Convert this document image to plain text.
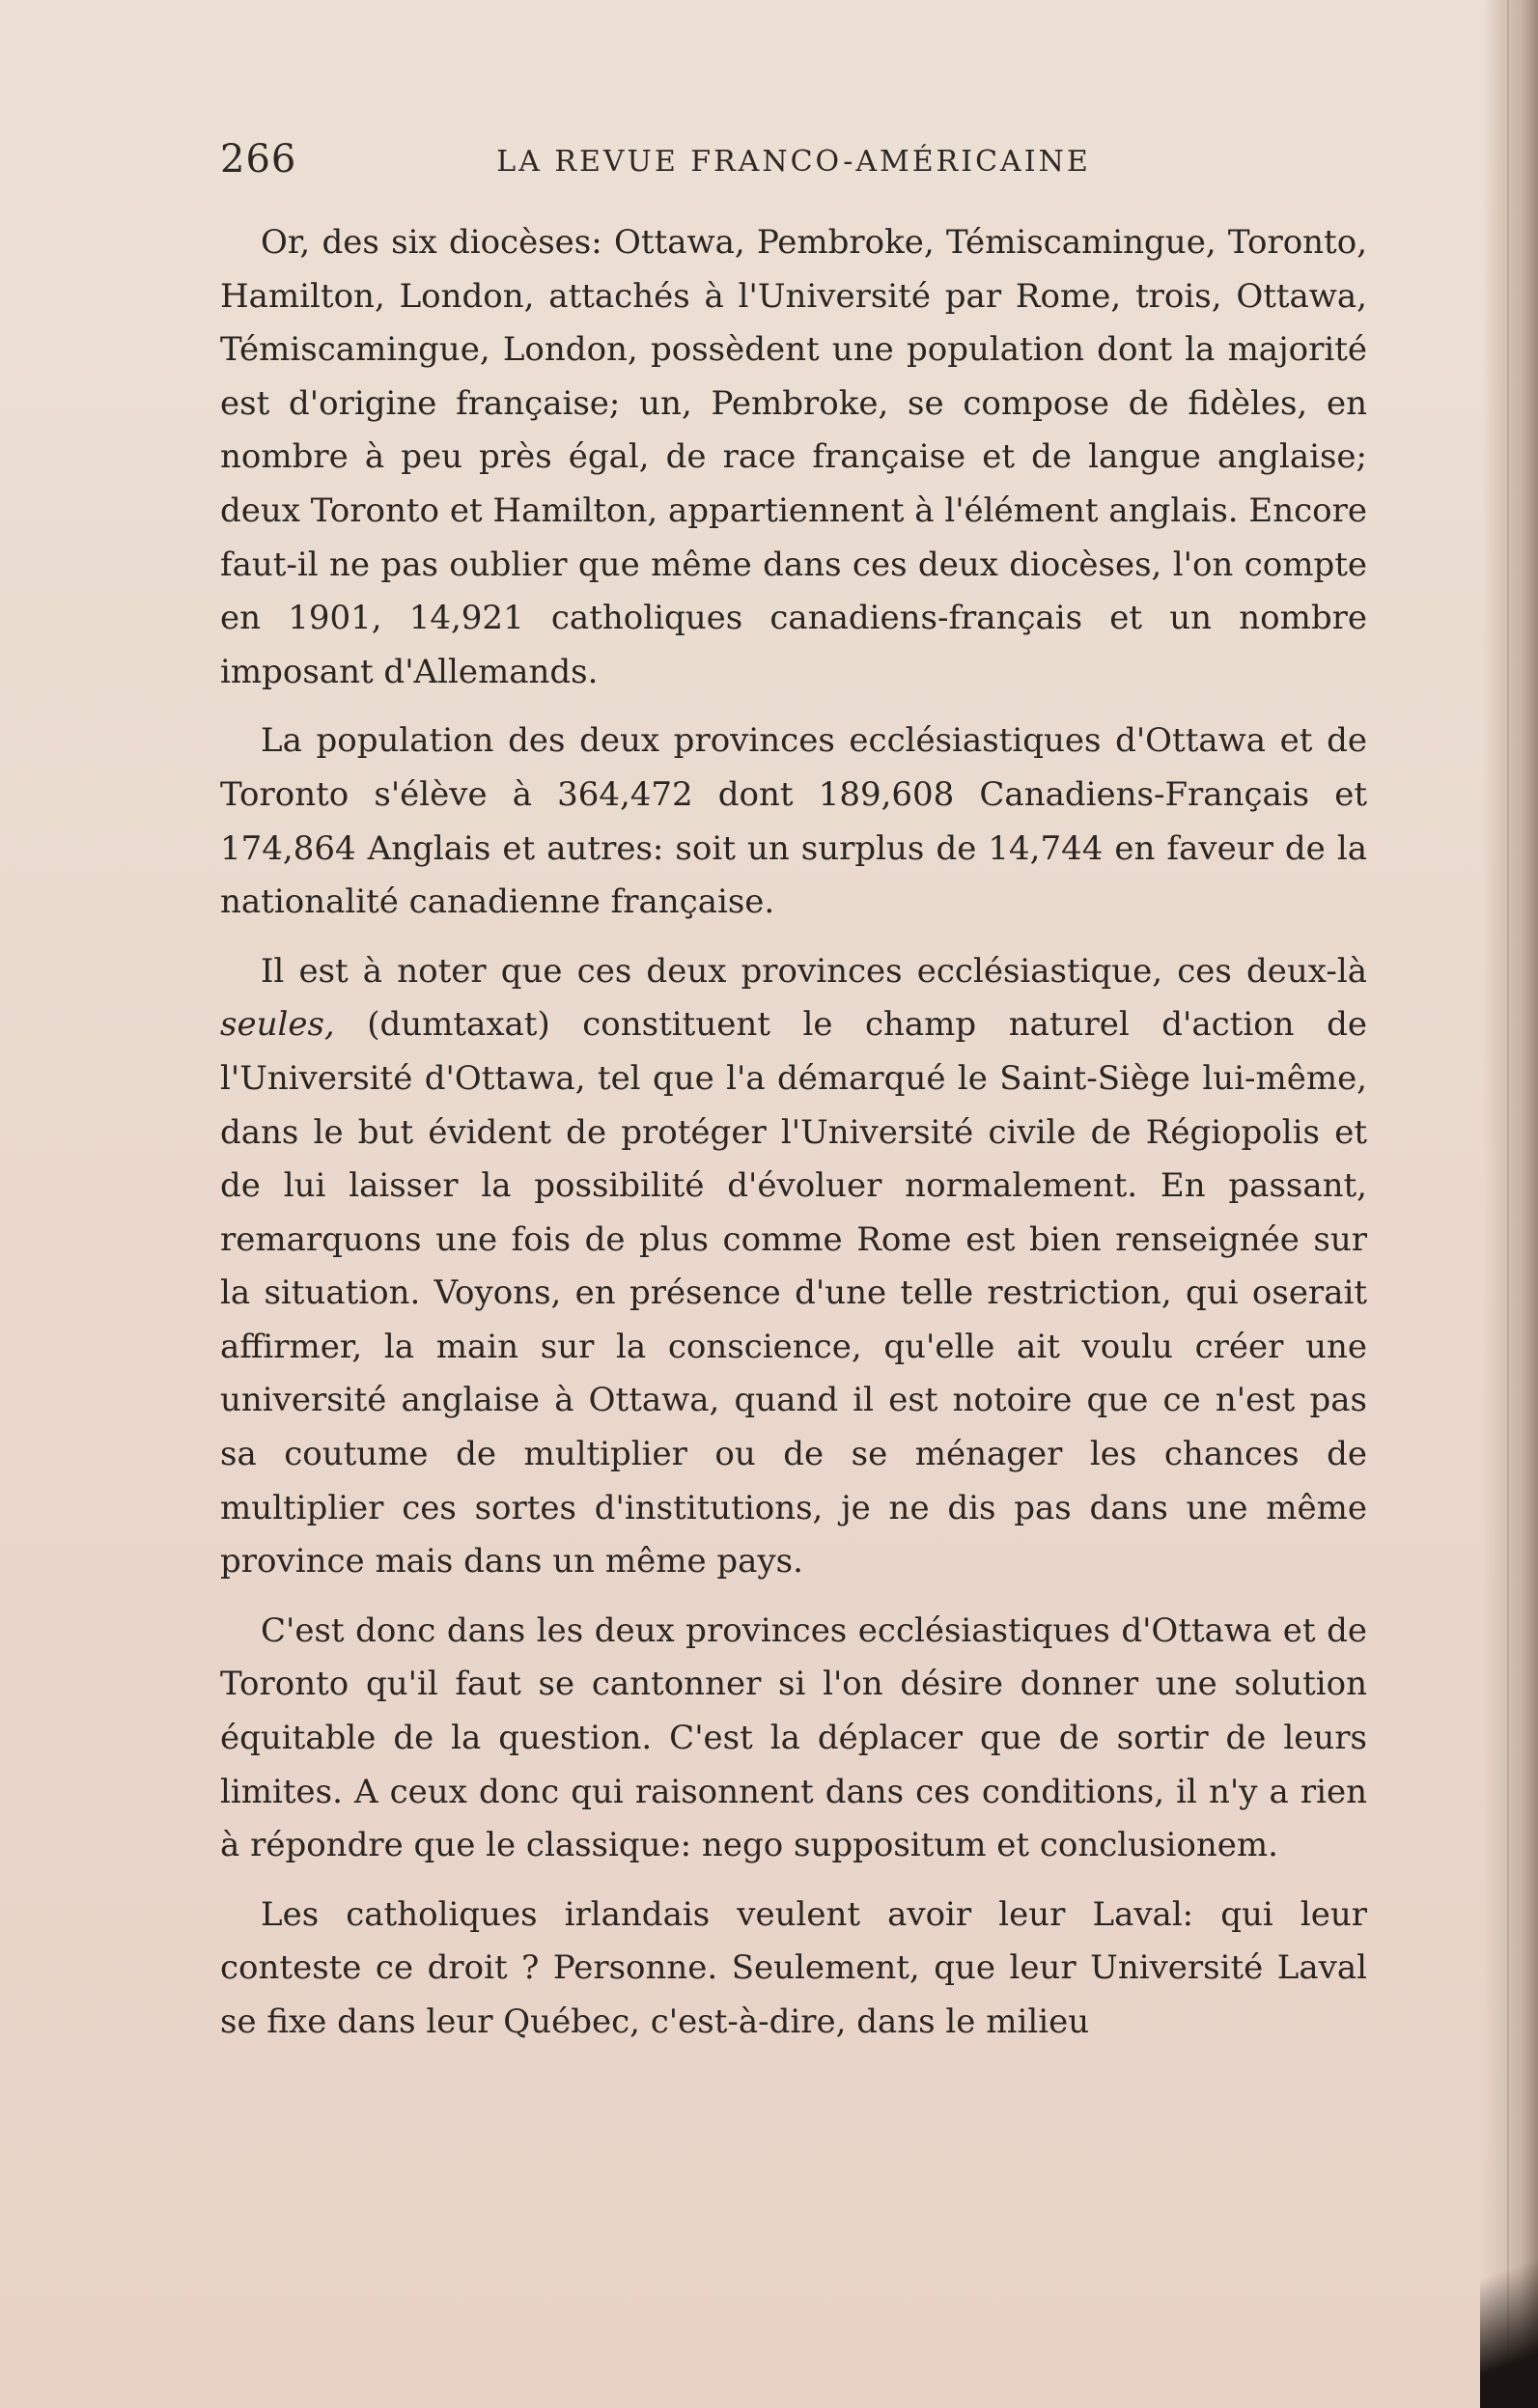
266	LA REVUE FRANCO-AMÉRICAINE

Or, des six diocèses: Ottawa, Pembroke, Témiscamingue, Toronto, Hamilton, London, attachés à l'Université par Rome, trois, Ottawa, Témiscamingue, London, possèdent une population dont la majorité est d'origine française; un, Pembroke, se compose de fidèles, en nombre à peu près égal, de race française et de langue anglaise; deux Toronto et Hamilton, appartiennent à l'élément anglais. Encore faut-il ne pas oublier que même dans ces deux diocèses, l'on compte en 1901, 14,921 catholiques canadiens-français et un nombre imposant d'Allemands.

La population des deux provinces ecclésiastiques d'Ottawa et de Toronto s'élève à 364,472 dont 189,608 Canadiens-Français et 174,864 Anglais et autres: soit un surplus de 14,744 en faveur de la nationalité canadienne française.

Il est à noter que ces deux provinces ecclésiastique, ces deux-là seules, (dumtaxat) constituent le champ naturel d'action de l'Université d'Ottawa, tel que l'a démarqué le Saint-Siège lui-même, dans le but évident de protéger l'Université civile de Régiopolis et de lui laisser la possibilité d'évoluer normalement. En passant, remarquons une fois de plus comme Rome est bien renseignée sur la situation. Voyons, en présence d'une telle restriction, qui oserait affirmer, la main sur la conscience, qu'elle ait voulu créer une université anglaise à Ottawa, quand il est notoire que ce n'est pas sa coutume de multiplier ou de se ménager les chances de multiplier ces sortes d'institutions, je ne dis pas dans une même province mais dans un même pays.

C'est donc dans les deux provinces ecclésiastiques d'Ottawa et de Toronto qu'il faut se cantonner si l'on désire donner une solution équitable de la question. C'est la déplacer que de sortir de leurs limites. A ceux donc qui raisonnent dans ces conditions, il n'y a rien à répondre que le classique: nego suppositum et conclusionem.

Les catholiques irlandais veulent avoir leur Laval: qui leur conteste ce droit ? Personne. Seulement, que leur Université Laval se fixe dans leur Québec, c'est-à-dire, dans le milieu
